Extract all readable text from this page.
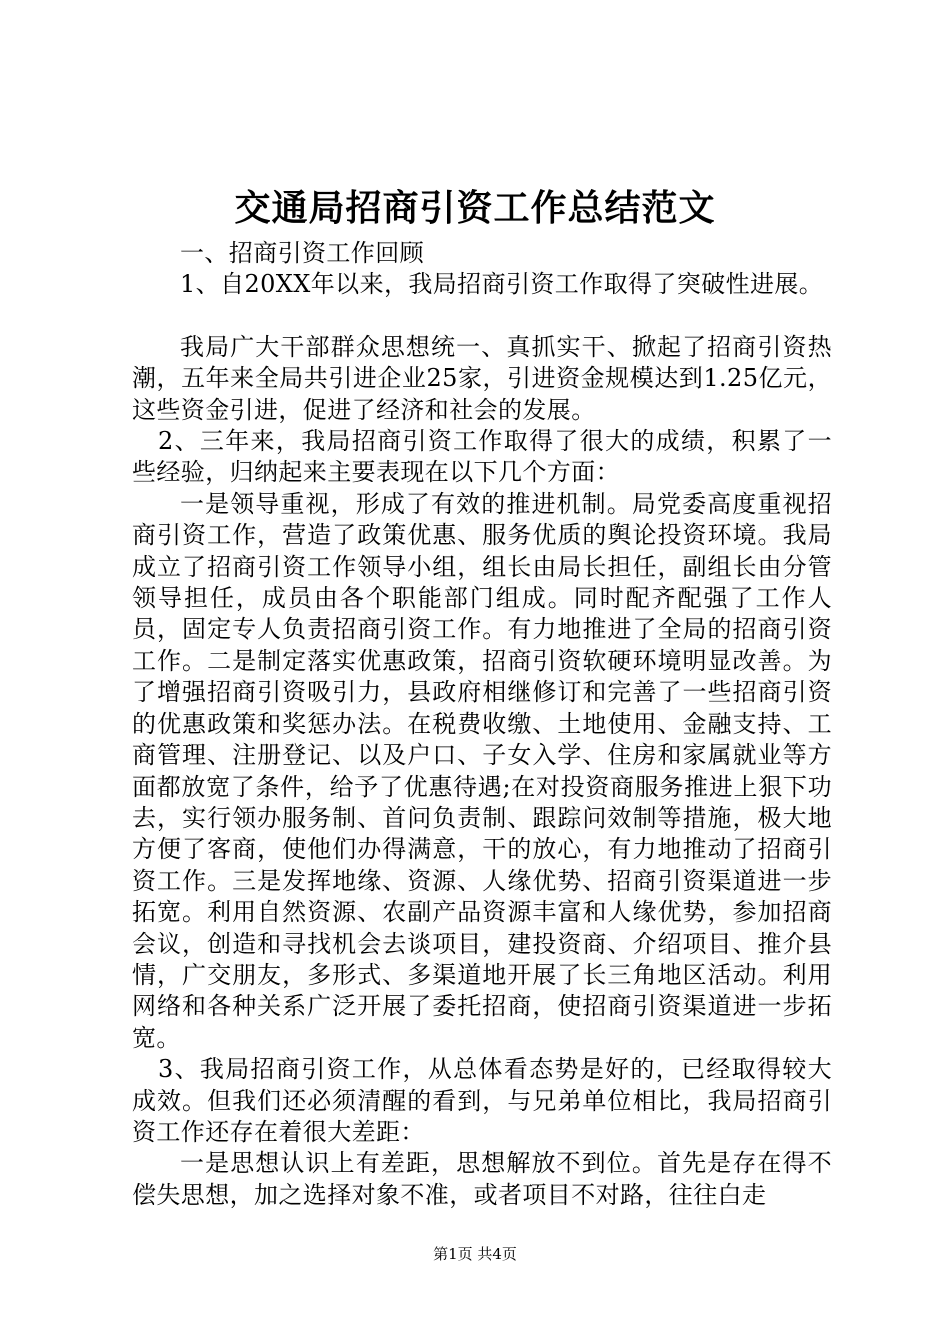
交通局招商引资工作总结范文

一、招商引资工作回顾

1、自20XX年以来，我局招商引资工作取得了突破性进展。

我局广大干部群众思想统一、真抓实干、掀起了招商引资热潮，五年来全局共引进企业25家，引进资金规模达到1.25亿元，这些资金引进，促进了经济和社会的发展。

2、三年来，我局招商引资工作取得了很大的成绩，积累了一些经验，归纳起来主要表现在以下几个方面：

一是领导重视，形成了有效的推进机制。局党委高度重视招商引资工作，营造了政策优惠、服务优质的舆论投资环境。我局成立了招商引资工作领导小组，组长由局长担任，副组长由分管领导担任，成员由各个职能部门组成。同时配齐配强了工作人员，固定专人负责招商引资工作。有力地推进了全局的招商引资工作。二是制定落实优惠政策，招商引资软硬环境明显改善。为了增强招商引资吸引力，县政府相继修订和完善了一些招商引资的优惠政策和奖惩办法。在税费收缴、土地使用、金融支持、工商管理、注册登记、以及户口、子女入学、住房和家属就业等方面都放宽了条件，给予了优惠待遇;在对投资商服务推进上狠下功去，实行领办服务制、首问负责制、跟踪问效制等措施，极大地方便了客商，使他们办得满意，干的放心，有力地推动了招商引资工作。三是发挥地缘、资源、人缘优势、招商引资渠道进一步拓宽。利用自然资源、农副产品资源丰富和人缘优势，参加招商会议，创造和寻找机会去谈项目，建投资商、介绍项目、推介县情，广交朋友，多形式、多渠道地开展了长三角地区活动。利用网络和各种关系广泛开展了委托招商，使招商引资渠道进一步拓宽。

3、我局招商引资工作，从总体看态势是好的，已经取得较大成效。但我们还必须清醒的看到，与兄弟单位相比，我局招商引资工作还存在着很大差距：

一是思想认识上有差距，思想解放不到位。首先是存在得不偿失思想，加之选择对象不准，或者项目不对路，往往白走

第1页 共4页
